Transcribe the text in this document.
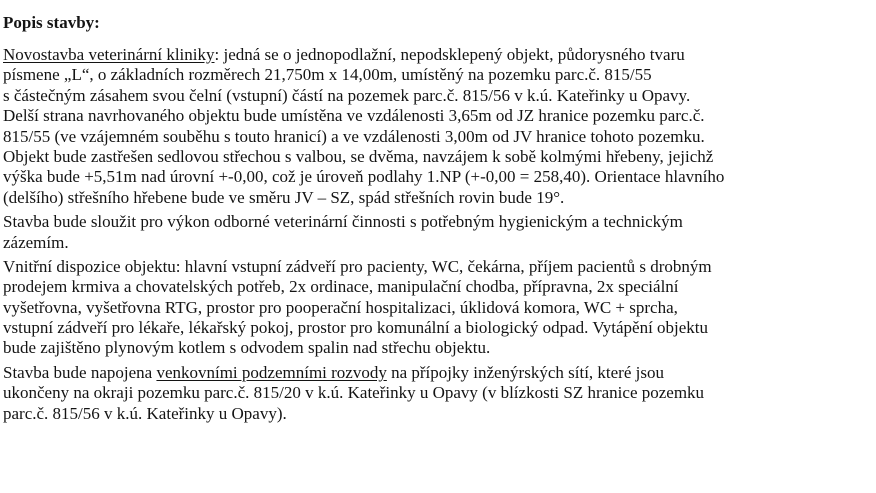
Popis stavby:
Novostavba veterinární kliniky: jedná se o jednopodlažní, nepodsklepený objekt, půdorysného tvaru
písmene „L“, o základních rozměrech 21,750m x 14,00m, umístěný na pozemku parc.č. 815/55
s částečným zásahem svou čelní (vstupní) částí na pozemek parc.č. 815/56 v k.ú. Kateřinky u Opavy.
Delší strana navrhovaného objektu bude umístěna ve vzdálenosti 3,65m od JZ hranice pozemku parc.č.
815/55 (ve vzájemném souběhu s touto hranicí) a ve vzdálenosti 3,00m od JV hranice tohoto pozemku.
Objekt bude zastřešen sedlovou střechou s valbou, se dvěma, navzájem k sobě kolmými hřebeny, jejichž
výška bude +5,51m nad úrovní +-0,00, což je úroveň podlahy 1.NP (+-0,00 = 258,40). Orientace hlavního
(delšího) střešního hřebene bude ve směru JV – SZ, spád střešních rovin bude 19°.
Stavba bude sloužit pro výkon odborné veterinární činnosti s potřebným hygienickým a technickým
zázemím.
Vnitřní dispozice objektu: hlavní vstupní zádveří pro pacienty, WC, čekárna, příjem pacientů s drobným
prodejem krmiva a chovatelských potřeb, 2x ordinace, manipulační chodba, přípravna, 2x speciální
vyšetřovna, vyšetřovna RTG, prostor pro pooperační hospitalizaci, úklidová komora, WC + sprcha,
vstupní zádveří pro lékaře, lékařský pokoj, prostor pro komunální a biologický odpad. Vytápění objektu
bude zajištěno plynovým kotlem s odvodem spalin nad střechu objektu.
Stavba bude napojena venkovními podzemními rozvody na přípojky inženýrských sítí, které jsou
ukončeny na okraji pozemku parc.č. 815/20 v k.ú. Kateřinky u Opavy (v blízkosti SZ hranice pozemku
parc.č. 815/56 v k.ú. Kateřinky u Opavy).
